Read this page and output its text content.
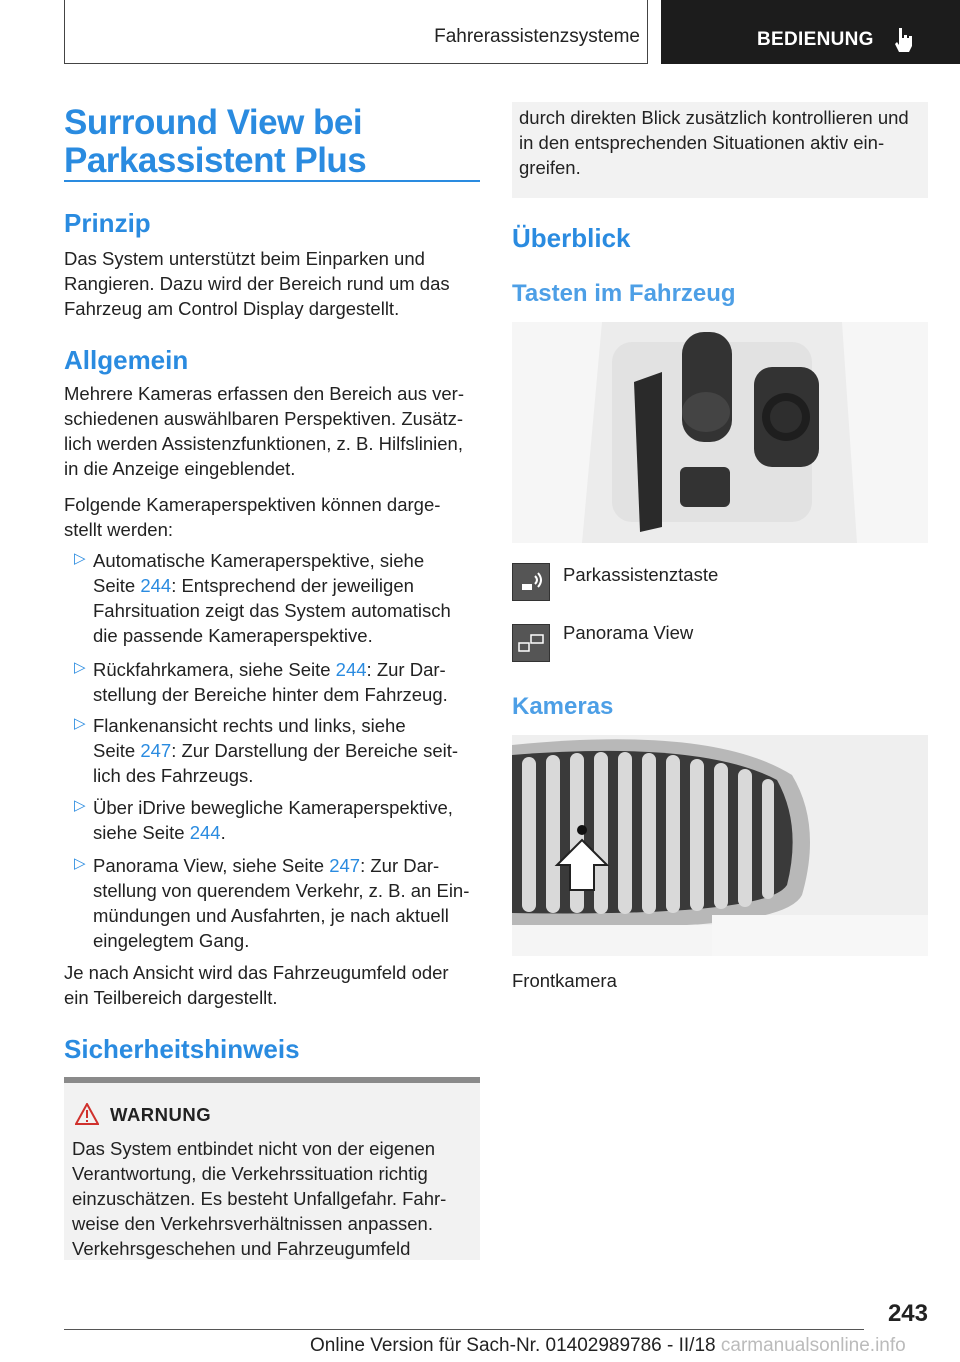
Fahrerassistenzsysteme	BEDIENUNG
Surround View bei
Parkassistent Plus
Prinzip
Das System unterstützt beim Einparken und
Rangieren. Dazu wird der Bereich rund um das
Fahrzeug am Control Display dargestellt.
Allgemein
Mehrere Kameras erfassen den Bereich aus ver‐
schiedenen auswählbaren Perspektiven. Zusätz‐
lich werden Assistenzfunktionen, z. B. Hilfslinien,
in die Anzeige eingeblendet.
Folgende Kameraperspektiven können darge‐
stellt werden:
▷ Automatische Kameraperspektive, siehe
Seite 244: Entsprechend der jeweiligen
Fahrsituation zeigt das System automatisch
die passende Kameraperspektive.
▷ Rückfahrkamera, siehe Seite 244: Zur Dar‐
stellung der Bereiche hinter dem Fahrzeug.
▷ Flankenansicht rechts und links, siehe
Seite 247: Zur Darstellung der Bereiche seit‐
lich des Fahrzeugs.
▷ Über iDrive bewegliche Kameraperspektive,
siehe Seite 244.
▷ Panorama View, siehe Seite 247: Zur Dar‐
stellung von querendem Verkehr, z. B. an Ein‐
mündungen und Ausfahrten, je nach aktuell
eingelegtem Gang.
Je nach Ansicht wird das Fahrzeugumfeld oder
ein Teilbereich dargestellt.
Sicherheitshinweis
WARNUNG
Das System entbindet nicht von der eigenen
Verantwortung, die Verkehrssituation richtig
einzuschätzen. Es besteht Unfallgefahr. Fahr‐
weise den Verkehrsverhältnissen anpassen.
Verkehrsgeschehen und Fahrzeugumfeld
durch direkten Blick zusätzlich kontrollieren und
in den entsprechenden Situationen aktiv ein‐
greifen.
Überblick
Tasten im Fahrzeug
Parkassistenztaste
Panorama View
Kameras
Frontkamera
243
Online Version für Sach-Nr. 01402989786 - II/18 carmanualsonline.info
